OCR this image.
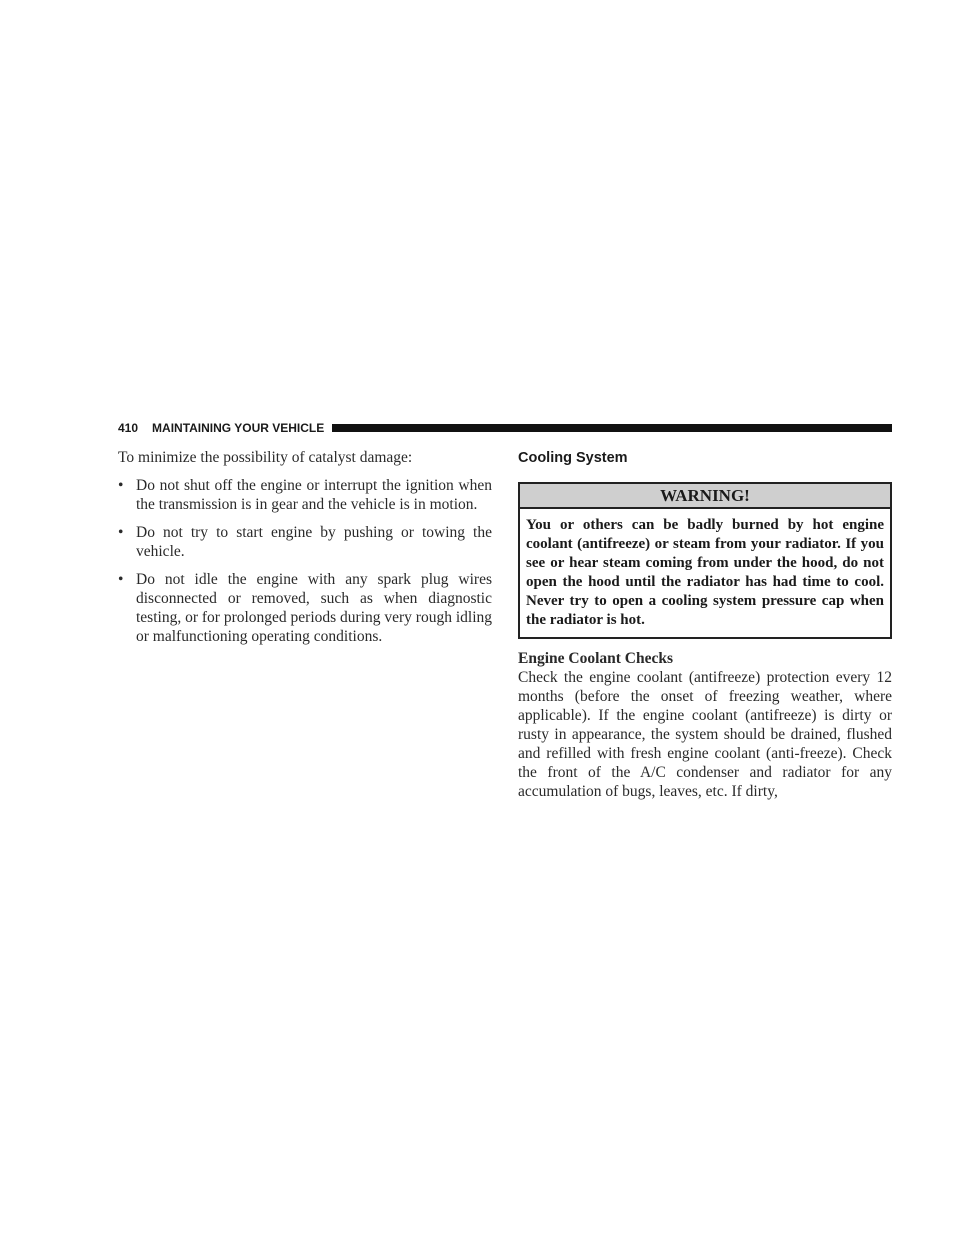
410 MAINTAINING YOUR VEHICLE

To minimize the possibility of catalyst damage:

• Do not shut off the engine or interrupt the ignition when the transmission is in gear and the vehicle is in motion.
• Do not try to start engine by pushing or towing the vehicle.
• Do not idle the engine with any spark plug wires disconnected or removed, such as when diagnostic testing, or for prolonged periods during very rough idling or malfunctioning operating conditions.
Cooling System
WARNING!
You or others can be badly burned by hot engine coolant (antifreeze) or steam from your radiator. If you see or hear steam coming from under the hood, do not open the hood until the radiator has had time to cool. Never try to open a cooling system pressure cap when the radiator is hot.
Engine Coolant Checks

Check the engine coolant (antifreeze) protection every 12 months (before the onset of freezing weather, where applicable). If the engine coolant (antifreeze) is dirty or rusty in appearance, the system should be drained, flushed and refilled with fresh engine coolant (anti-freeze). Check the front of the A/C condenser and radiator for any accumulation of bugs, leaves, etc. If dirty,
